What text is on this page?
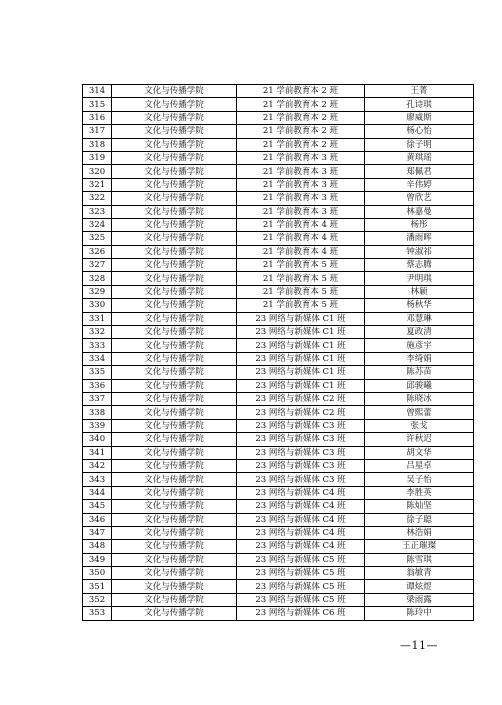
314	文化与传播学院	21 学前教育本 2 班	王菁
315	文化与传播学院	21 学前教育本 2 班	孔诗琪
316	文化与传播学院	21 学前教育本 2 班	廖威斯
317	文化与传播学院	21 学前教育本 2 班	杨心怡
318	文化与传播学院	21 学前教育本 2 班	徐子明
319	文化与传播学院	21 学前教育本 3 班	黄琪瑶
320	文化与传播学院	21 学前教育本 3 班	郑佩君
321	文化与传播学院	21 学前教育本 3 班	辛伟婷
322	文化与传播学院	21 学前教育本 3 班	曾欣艺
323	文化与传播学院	21 学前教育本 3 班	林嘉曼
324	文化与传播学院	21 学前教育本 4 班	杨彤
325	文化与传播学院	21 学前教育本 4 班	潘雨晖
326	文化与传播学院	21 学前教育本 4 班	钟淑祁
327	文化与传播学院	21 学前教育本 5 班	蔡志腾
328	文化与传播学院	21 学前教育本 5 班	尹明琪
329	文化与传播学院	21 学前教育本 5 班	林颖
330	文化与传播学院	21 学前教育本 5 班	杨秋华
331	文化与传播学院	23 网络与新媒体 C1 班	邓慧琳
332	文化与传播学院	23 网络与新媒体 C1 班	夏政清
333	文化与传播学院	23 网络与新媒体 C1 班	施彦宇
334	文化与传播学院	23 网络与新媒体 C1 班	李绮娟
335	文化与传播学院	23 网络与新媒体 C1 班	陈苏苗
336	文化与传播学院	23 网络与新媒体 C1 班	邱骏曦
337	文化与传播学院	23 网络与新媒体 C2 班	陈晓冰
338	文化与传播学院	23 网络与新媒体 C2 班	曾熙蕾
339	文化与传播学院	23 网络与新媒体 C3 班	张戈
340	文化与传播学院	23 网络与新媒体 C3 班	许秋迟
341	文化与传播学院	23 网络与新媒体 C3 班	胡文华
342	文化与传播学院	23 网络与新媒体 C3 班	吕星卓
343	文化与传播学院	23 网络与新媒体 C3 班	吴子怡
344	文化与传播学院	23 网络与新媒体 C4 班	李胜英
345	文化与传播学院	23 网络与新媒体 C4 班	陈灿坚
346	文化与传播学院	23 网络与新媒体 C4 班	徐子聪
347	文化与传播学院	23 网络与新媒体 C4 班	林浩娟
348	文化与传播学院	23 网络与新媒体 C4 班	王正璀璨
349	文化与传播学院	23 网络与新媒体 C5 班	陈雪琪
350	文化与传播学院	23 网络与新媒体 C5 班	翁敏青
351	文化与传播学院	23 网络与新媒体 C5 班	谭炫煜
352	文化与传播学院	23 网络与新媒体 C5 班	梁雨露
353	文化与传播学院	23 网络与新媒体 C6 班	陈玲中
—11—
